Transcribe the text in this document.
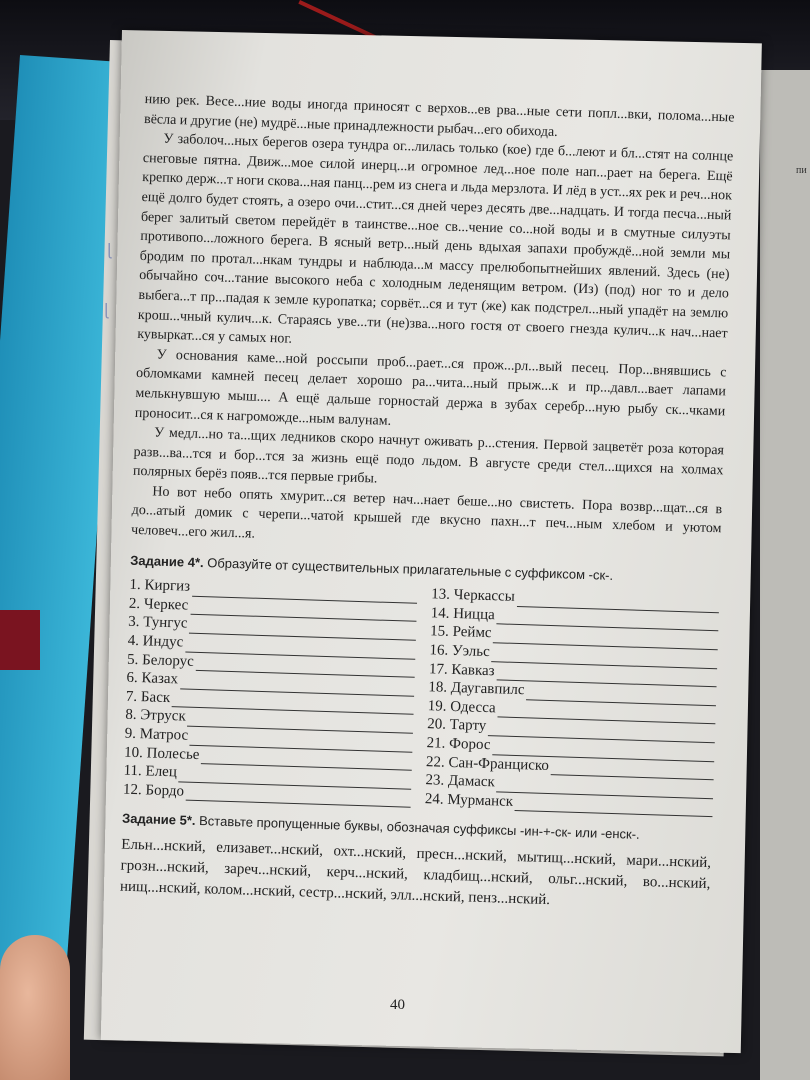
пи

нию рек. Весе...ние воды иногда приносят с верхов...ев рва...ные сети попл...вки, полома...ные вёсла и другие (не) мудрё...ные принадлежности рыбач...его обихода.

У заболоч...ных берегов озера тундра ог...лилась только (кое) где б...леют и бл...стят на солнце снеговые пятна. Движ...мое силой инерц...и огромное лед...ное поле нап...рает на берега. Ещё крепко держ...т ноги скова...ная панц...рем из снега и льда мерзлота. И лёд в уст...ях рек и реч...нок ещё долго будет стоять, а озеро очи...стит...ся дней через десять две...надцать. И тогда песча...ный берег залитый светом перейдёт в таинстве...ное св...чение со...ной воды и в смутные силуэты противопо...ложного берега. В ясный ветр...ный день вдыхая запахи пробуждё...ной земли мы бродим по протал...нкам тундры и наблюда...м массу прелюбопытнейших явлений. Здесь (не) обычайно соч...тание высокого неба с холодным леденящим ветром. (Из) (под) ног то и дело выбега...т пр...падая к земле куропатка; сорвёт...ся и тут (же) как подстрел...ный упадёт на землю крош...чный кулич...к. Стараясь уве...ти (не)зва...ного гостя от своего гнезда кулич...к нач...нает кувыркат...ся у самых ног.

У основания каме...ной россыпи проб...рает...ся прож...рл...вый песец. Пор...внявшись с обломками камней песец делает хорошо ра...чита...ный прыж...к и пр...давл...вает лапами мелькнувшую мыш.... А ещё дальше горностай держа в зубах серебр...ную рыбу ск...чками проносит...ся к нагроможде...ным валунам.

У медл...но та...щих ледников скоро начнут оживать р...стения. Первой зацветёт роза которая разв...ва...тся и бор...тся за жизнь ещё подо льдом. В августе среди стел...щихся на холмах полярных берёз появ...тся первые грибы.

Но вот небо опять хмурит...ся ветер нач...нает беше...но свистеть. Пора возвр...щат...ся в до...атый домик с черепи...чатой крышей где вкусно пахн...т печ...ным хлебом и уютом человеч...его жил...я.

Задание 4*. Образуйте от существительных прилагательные с суффиксом -ск-.
1. Киргиз
2. Черкес
3. Тунгус
4. Индус
5. Белорус
6. Казах
7. Баск
8. Этруск
9. Матрос
10. Полесье
11. Елец
12. Бордо
13. Черкассы
14. Ницца
15. Реймс
16. Уэльс
17. Кавказ
18. Даугавпилс
19. Одесса
20. Тарту
21. Форос
22. Сан-Франциско
23. Дамаск
24. Мурманск
Задание 5*. Вставьте пропущенные буквы, обозначая суффиксы -ин-+-ск- или -енск-.

Ельн...нский, елизавет...нский, охт...нский, пресн...нский, мытищ...нский, мари...нский, грозн...нский, зареч...нский, керч...нский, кладбищ...нский, ольг...нский, во...нский, нищ...нский, колом...нский, сестр...нский, элл...нский, пенз...нский.

40
ɭ
ɭ
